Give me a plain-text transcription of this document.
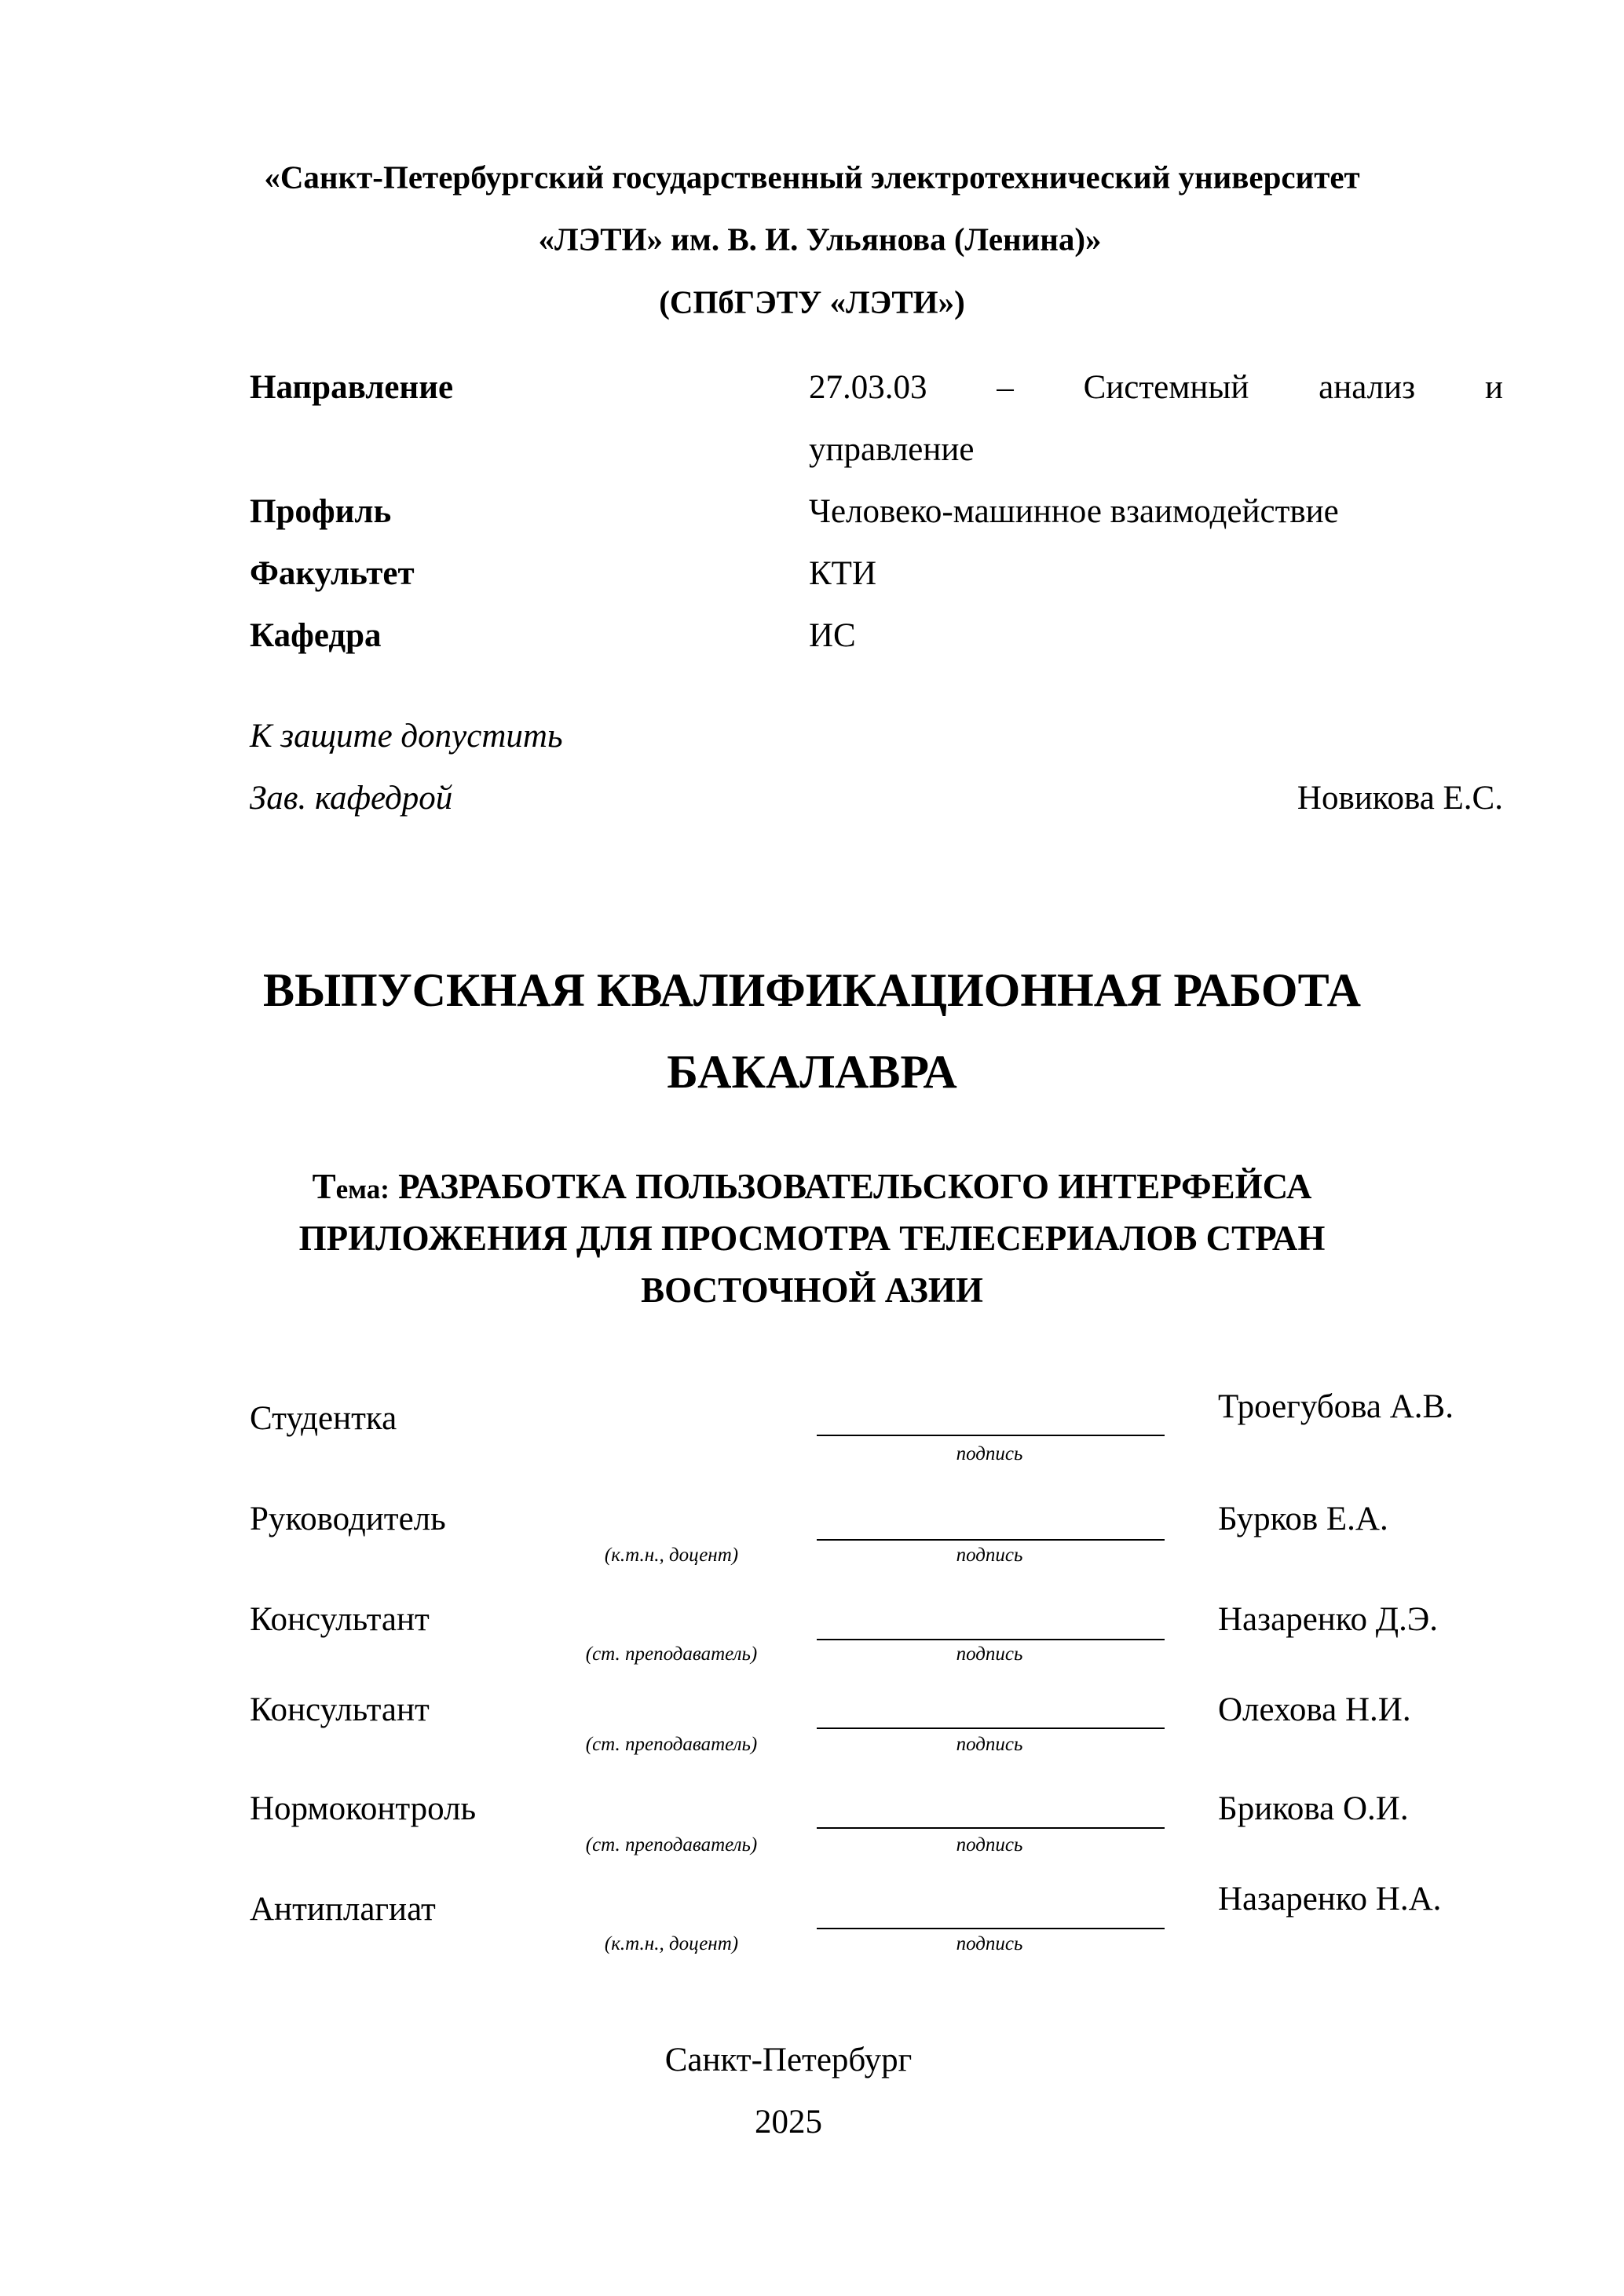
«Санкт-Петербургский государственный электротехнический университет
«ЛЭТИ» им. В. И. Ульянова (Ленина)»
(СПбГЭТУ «ЛЭТИ»)
Направление	27.03.03 – Системный анализ и
управление
Профиль	Человеко-машинное взаимодействие
Факультет	КТИ
Кафедра	ИС
К защите допустить
Зав. кафедрой	Новикова Е.С.
ВЫПУСКНАЯ КВАЛИФИКАЦИОННАЯ РАБОТА
БАКАЛАВРА
Тема: РАЗРАБОТКА ПОЛЬЗОВАТЕЛЬСКОГО ИНТЕРФЕЙСА
ПРИЛОЖЕНИЯ ДЛЯ ПРОСМОТРА ТЕЛЕСЕРИАЛОВ СТРАН
ВОСТОЧНОЙ АЗИИ
Студентка
подпись
Троегубова А.В.
Руководитель
(к.т.н., доцент)	подпись
Бурков Е.А.
Консультант
(ст. преподаватель)	подпись
Назаренко Д.Э.
Консультант
(ст. преподаватель)	подпись
Олехова Н.И.
Нормоконтроль
(ст. преподаватель)	подпись
Брикова О.И.
Антиплагиат
(к.т.н., доцент)	подпись
Назаренко Н.А.
Санкт-Петербург
2025
